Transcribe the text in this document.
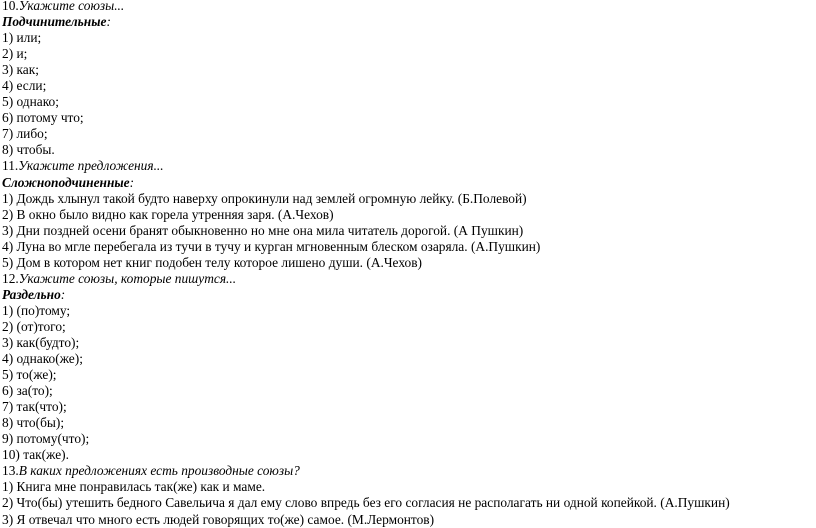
10.Укажите союзы...
Подчинительные:
1) или;
2) и;
3) как;
4) если;
5) однако;
6) потому что;
7) либо;
8) чтобы.
11.Укажите предложения...
Сложноподчиненные:
1) Дождь хлынул такой будто наверху опрокинули над землей огромную лейку. (Б.Полевой)
2) В окно было видно как горела утренняя заря. (А.Чехов)
3) Дни поздней осени бранят обыкновенно но мне она мила читатель дорогой. (А Пушкин)
4) Луна во мгле перебегала из тучи в тучу и курган мгновенным блеском озаряла. (А.Пушкин)
5) Дом в котором нет книг подобен телу которое лишено души. (А.Чехов)
12.Укажите союзы, которые пишутся...
Раздельно:
1) (по)тому;
2) (от)того;
3) как(будто);
4) однако(же);
5) то(же);
6) за(то);
7) так(что);
8) что(бы);
9) потому(что);
10) так(же).
13.В каких предложениях есть производные союзы?
1) Книга мне понравилась так(же) как и маме.
2) Что(бы) утешить бедного Савельича я дал ему слово впредь без его согласия не располагать ни одной копейкой. (А.Пушкин)
3) Я отвечал что много есть людей говорящих то(же) самое. (М.Лермонтов)
